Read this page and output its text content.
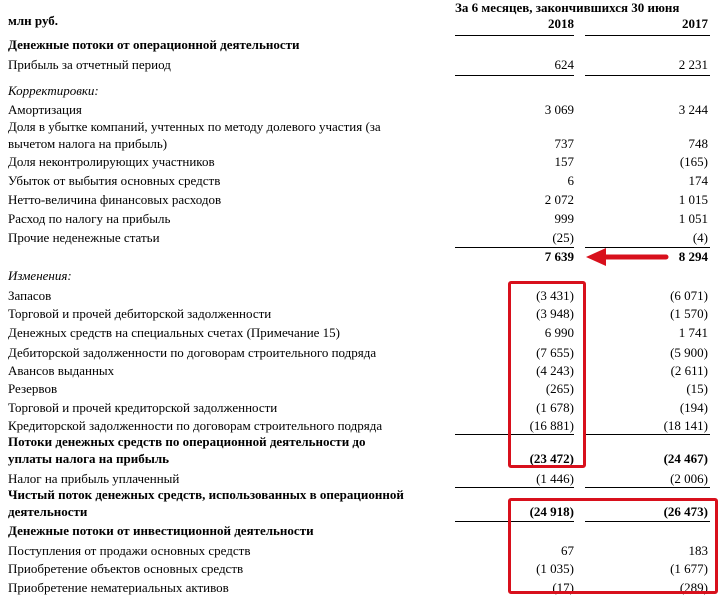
млн руб.
За 6 месяцев, закончившихся 30 июня
2018	2017
Денежные потоки от операционной деятельности
Прибыль за отчетный период	624	2 231
Корректировки:
Амортизация	3 069	3 244
Доля в убытке компаний, учтенных по методу долевого участия (за
вычетом налога на прибыль)	737	748
Доля неконтролирующих участников	157	(165)
Убыток от выбытия основных средств	6	174
Нетто-величина финансовых расходов	2 072	1 015
Расход по налогу на прибыль	999	1 051
Прочие неденежные статьи	(25)	(4)
7 639	8 294
Изменения:
Запасов	(3 431)	(6 071)
Торговой и прочей дебиторской задолженности	(3 948)	(1 570)
Денежных средств на специальных счетах (Примечание 15)	6 990	1 741
Дебиторской задолженности по договорам строительного подряда	(7 655)	(5 900)
Авансов выданных	(4 243)	(2 611)
Резервов	(265)	(15)
Торговой и прочей кредиторской задолженности	(1 678)	(194)
Кредиторской задолженности по договорам строительного подряда	(16 881)	(18 141)
Потоки денежных средств по операционной деятельности до
уплаты налога на прибыль	(23 472)	(24 467)
Налог на прибыль уплаченный	(1 446)	(2 006)
Чистый поток денежных средств, использованных в операционной
деятельности	(24 918)	(26 473)
Денежные потоки от инвестиционной деятельности
Поступления от продажи основных средств	67	183
Приобретение объектов основных средств	(1 035)	(1 677)
Приобретение нематериальных активов	(17)	(289)
